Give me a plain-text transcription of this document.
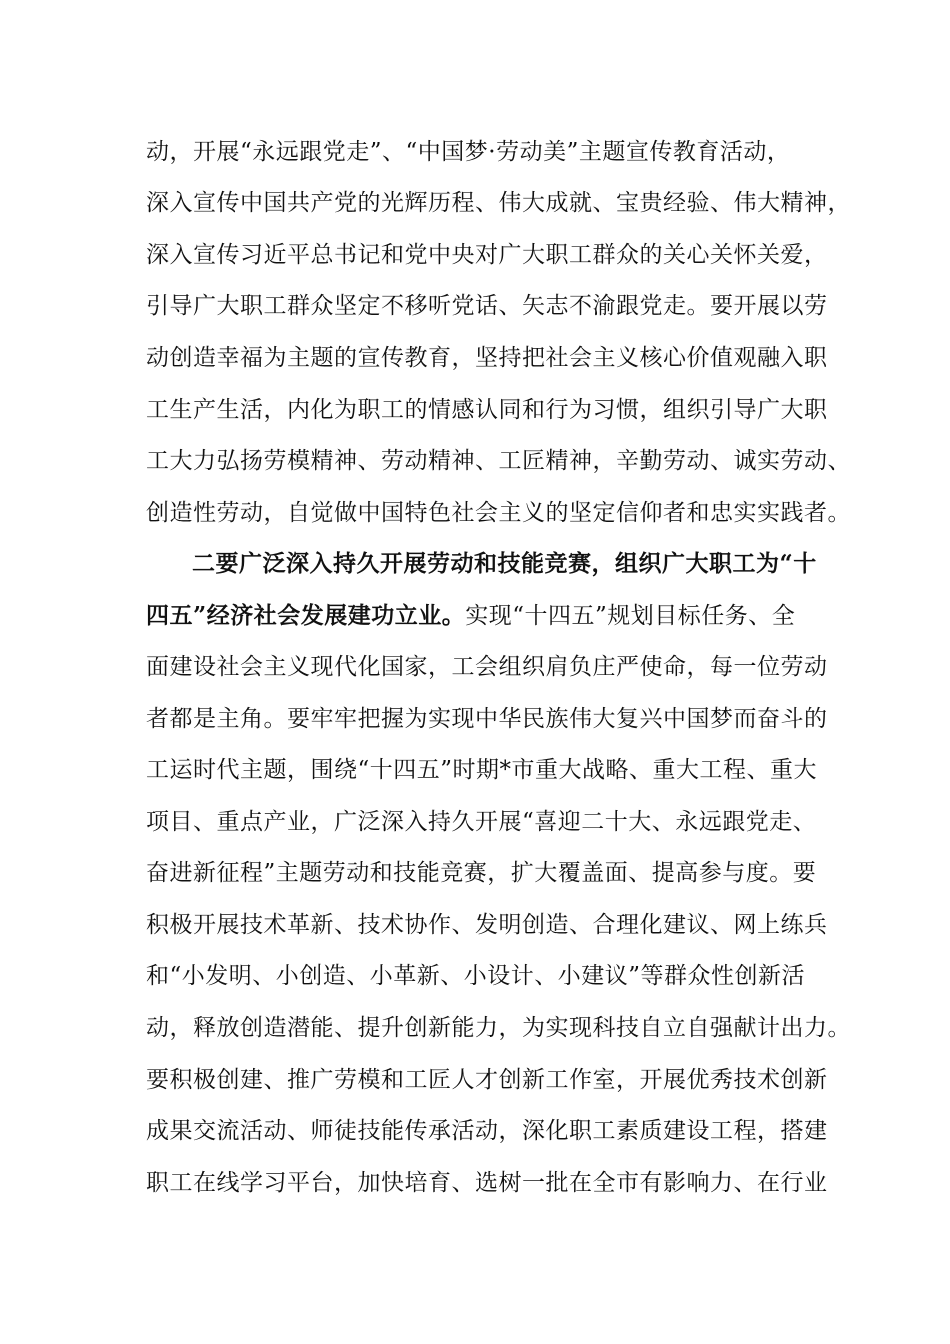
动，开展“永远跟党走”、“中国梦·劳动美”主题宣传教育活动，
深入宣传中国共产党的光辉历程、伟大成就、宝贵经验、伟大精神，
深入宣传习近平总书记和党中央对广大职工群众的关心关怀关爱，
引导广大职工群众坚定不移听党话、矢志不渝跟党走。要开展以劳
动创造幸福为主题的宣传教育，坚持把社会主义核心价值观融入职
工生产生活，内化为职工的情感认同和行为习惯，组织引导广大职
工大力弘扬劳模精神、劳动精神、工匠精神，辛勤劳动、诚实劳动、
创造性劳动，自觉做中国特色社会主义的坚定信仰者和忠实实践者。
二要广泛深入持久开展劳动和技能竞赛，组织广大职工为“十
四五”经济社会发展建功立业。实现“十四五”规划目标任务、全
面建设社会主义现代化国家，工会组织肩负庄严使命，每一位劳动
者都是主角。要牢牢把握为实现中华民族伟大复兴中国梦而奋斗的
工运时代主题，围绕“十四五”时期*市重大战略、重大工程、重大
项目、重点产业，广泛深入持久开展“喜迎二十大、永远跟党走、
奋进新征程”主题劳动和技能竞赛，扩大覆盖面、提高参与度。要
积极开展技术革新、技术协作、发明创造、合理化建议、网上练兵
和“小发明、小创造、小革新、小设计、小建议”等群众性创新活
动，释放创造潜能、提升创新能力，为实现科技自立自强献计出力。
要积极创建、推广劳模和工匠人才创新工作室，开展优秀技术创新
成果交流活动、师徒技能传承活动，深化职工素质建设工程，搭建
职工在线学习平台，加快培育、选树一批在全市有影响力、在行业
